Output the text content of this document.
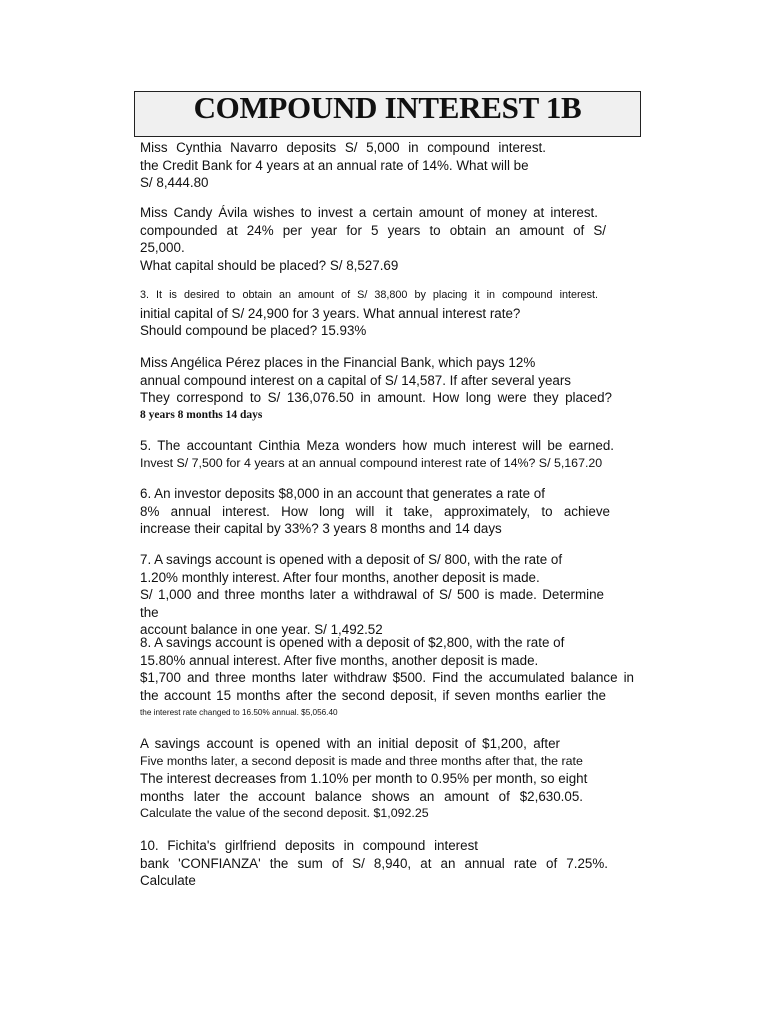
COMPOUND INTEREST 1B
Miss Cynthia Navarro deposits S/ 5,000 in compound interest.
the Credit Bank for 4 years at an annual rate of 14%. What will be
S/ 8,444.80
Miss Candy Ávila wishes to invest a certain amount of money at interest.
compounded at 24% per year for 5 years to obtain an amount of S/
25,000.
What capital should be placed? S/ 8,527.69
3. It is desired to obtain an amount of S/ 38,800 by placing it in compound interest.
initial capital of S/ 24,900 for 3 years. What annual interest rate?
Should compound be placed? 15.93%
Miss Angélica Pérez places in the Financial Bank, which pays 12%
annual compound interest on a capital of S/ 14,587. If after several years
They correspond to S/ 136,076.50 in amount. How long were they placed?
8 years 8 months 14 days
5. The accountant Cinthia Meza wonders how much interest will be earned.
Invest S/ 7,500 for 4 years at an annual compound interest rate of 14%? S/ 5,167.20
6. An investor deposits $8,000 in an account that generates a rate of
8% annual interest. How long will it take, approximately, to achieve
increase their capital by 33%? 3 years 8 months and 14 days
7. A savings account is opened with a deposit of S/ 800, with the rate of
1.20% monthly interest. After four months, another deposit is made.
S/ 1,000 and three months later a withdrawal of S/ 500 is made. Determine the
account balance in one year. S/ 1,492.52
8. A savings account is opened with a deposit of $2,800, with the rate of
15.80% annual interest. After five months, another deposit is made.
$1,700 and three months later withdraw $500. Find the accumulated balance in
the account 15 months after the second deposit, if seven months earlier the
the interest rate changed to 16.50% annual. $5,056.40
A savings account is opened with an initial deposit of $1,200, after
Five months later, a second deposit is made and three months after that, the rate
The interest decreases from 1.10% per month to 0.95% per month, so eight
months later the account balance shows an amount of $2,630.05.
Calculate the value of the second deposit. $1,092.25
10. Fichita's girlfriend deposits in compound interest
bank 'CONFIANZA' the sum of S/ 8,940, at an annual rate of 7.25%.
Calculate
